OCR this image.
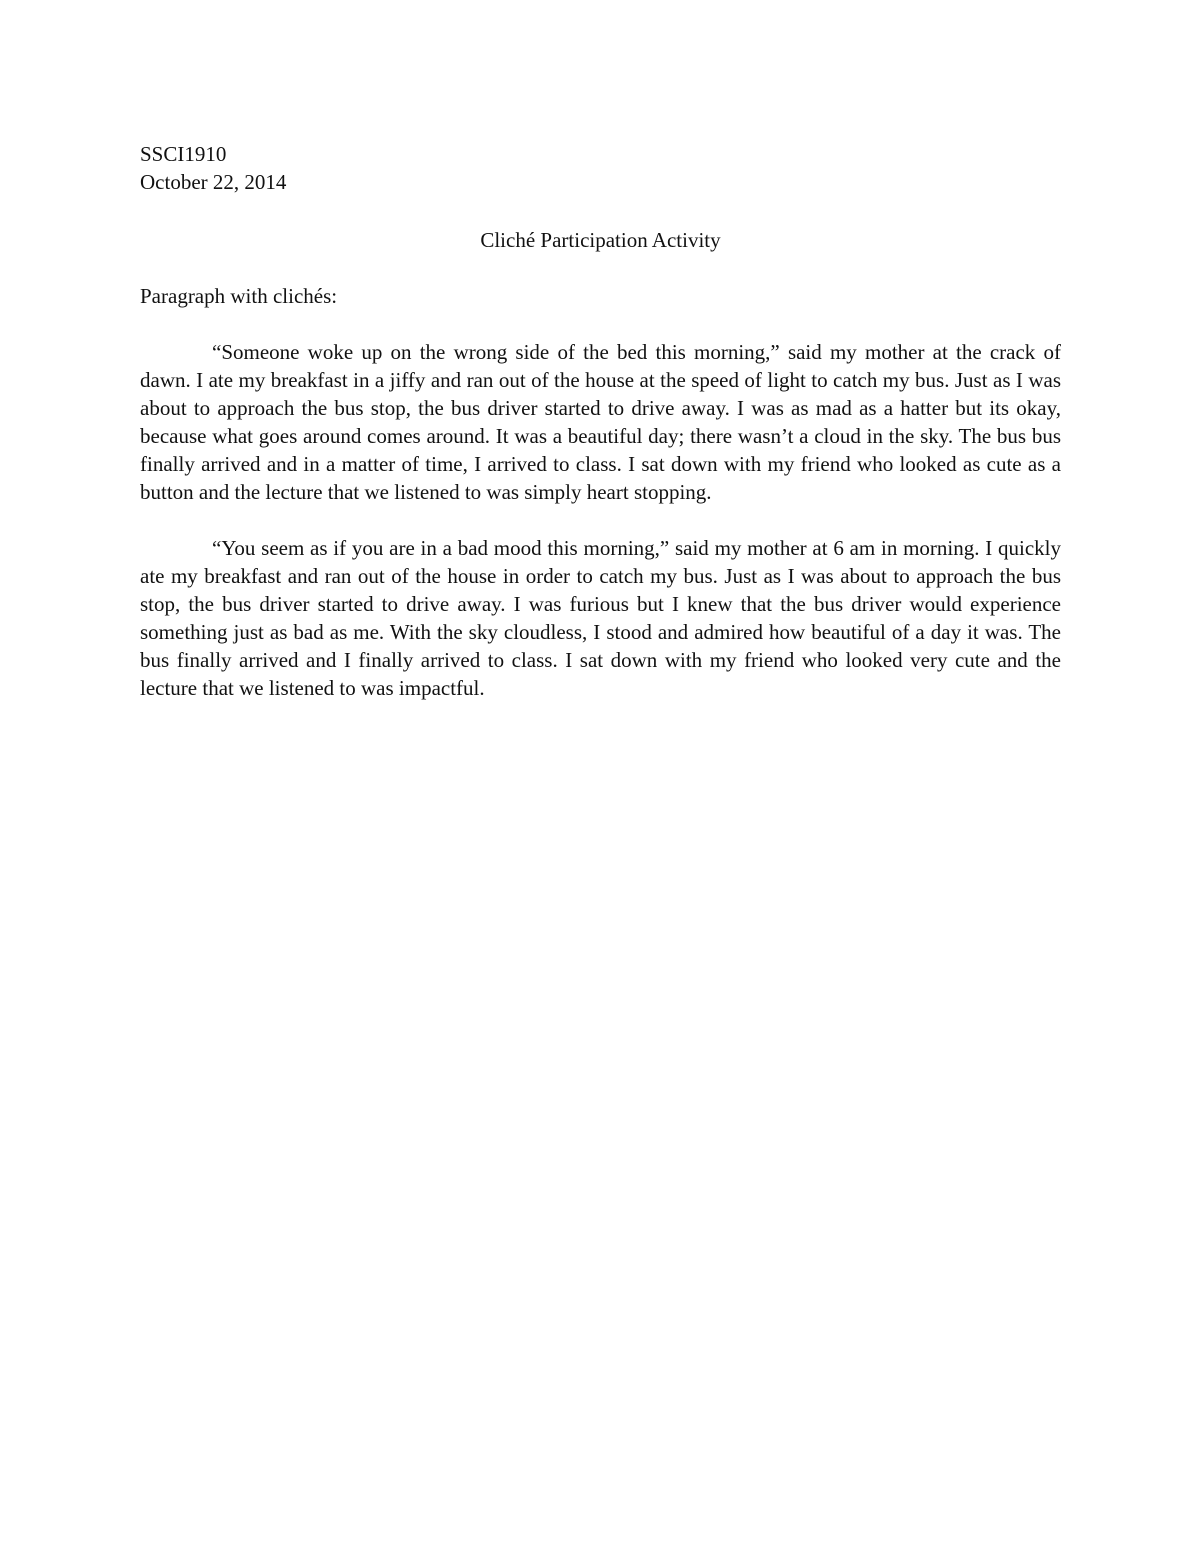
SSCI1910
October 22, 2014
Cliché Participation Activity
Paragraph with clichés:

“Someone woke up on the wrong side of the bed this morning,” said my mother at the crack of dawn. I ate my breakfast in a jiffy and ran out of the house at the speed of light to catch my bus. Just as I was about to approach the bus stop, the bus driver started to drive away. I was as mad as a hatter but its okay, because what goes around comes around. It was a beautiful day; there wasn’t a cloud in the sky. The bus bus finally arrived and in a matter of time, I arrived to class. I sat down with my friend who looked as cute as a button and the lecture that we listened to was simply heart stopping.

“You seem as if you are in a bad mood this morning,” said my mother at 6 am in morning. I quickly ate my breakfast and ran out of the house in order to catch my bus. Just as I was about to approach the bus stop, the bus driver started to drive away. I was furious but I knew that the bus driver would experience something just as bad as me. With the sky cloudless, I stood and admired how beautiful of a day it was. The bus finally arrived and I finally arrived to class. I sat down with my friend who looked very cute and the lecture that we listened to was impactful.
